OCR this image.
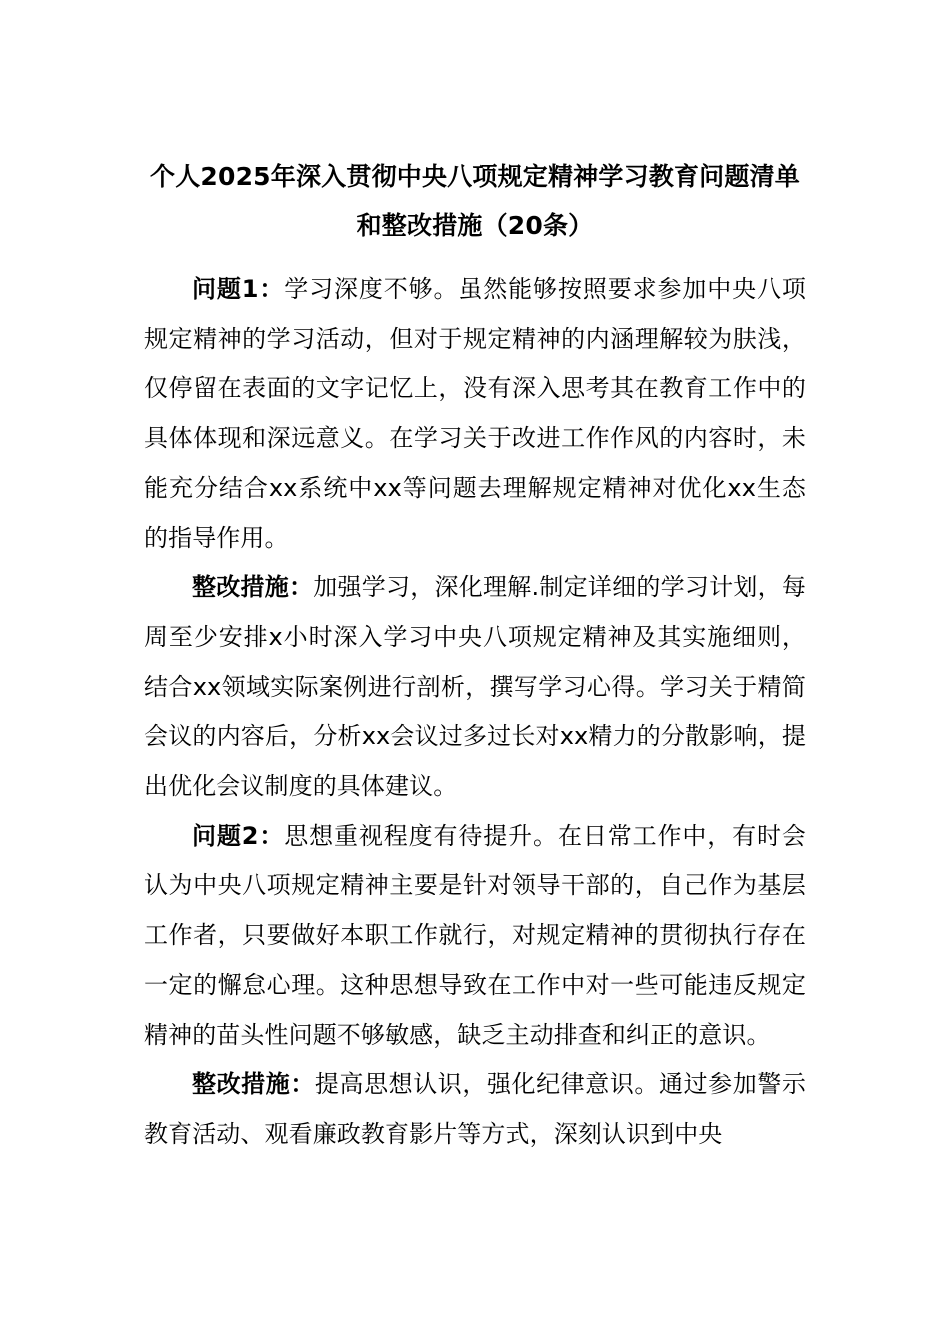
个人2025年深入贯彻中央八项规定精神学习教育问题清单和整改措施（20条）

问题1：学习深度不够。虽然能够按照要求参加中央八项规定精神的学习活动，但对于规定精神的内涵理解较为肤浅，仅停留在表面的文字记忆上，没有深入思考其在教育工作中的具体体现和深远意义。在学习关于改进工作作风的内容时，未能充分结合xx系统中xx等问题去理解规定精神对优化xx生态的指导作用。

整改措施：加强学习，深化理解.制定详细的学习计划，每周至少安排x小时深入学习中央八项规定精神及其实施细则，结合xx领域实际案例进行剖析，撰写学习心得。学习关于精简会议的内容后，分析xx会议过多过长对xx精力的分散影响，提出优化会议制度的具体建议。

问题2：思想重视程度有待提升。在日常工作中，有时会认为中央八项规定精神主要是针对领导干部的，自己作为基层工作者，只要做好本职工作就行，对规定精神的贯彻执行存在一定的懈怠心理。这种思想导致在工作中对一些可能违反规定精神的苗头性问题不够敏感，缺乏主动排查和纠正的意识。

整改措施：提高思想认识，强化纪律意识。通过参加警示教育活动、观看廉政教育影片等方式，深刻认识到中央
